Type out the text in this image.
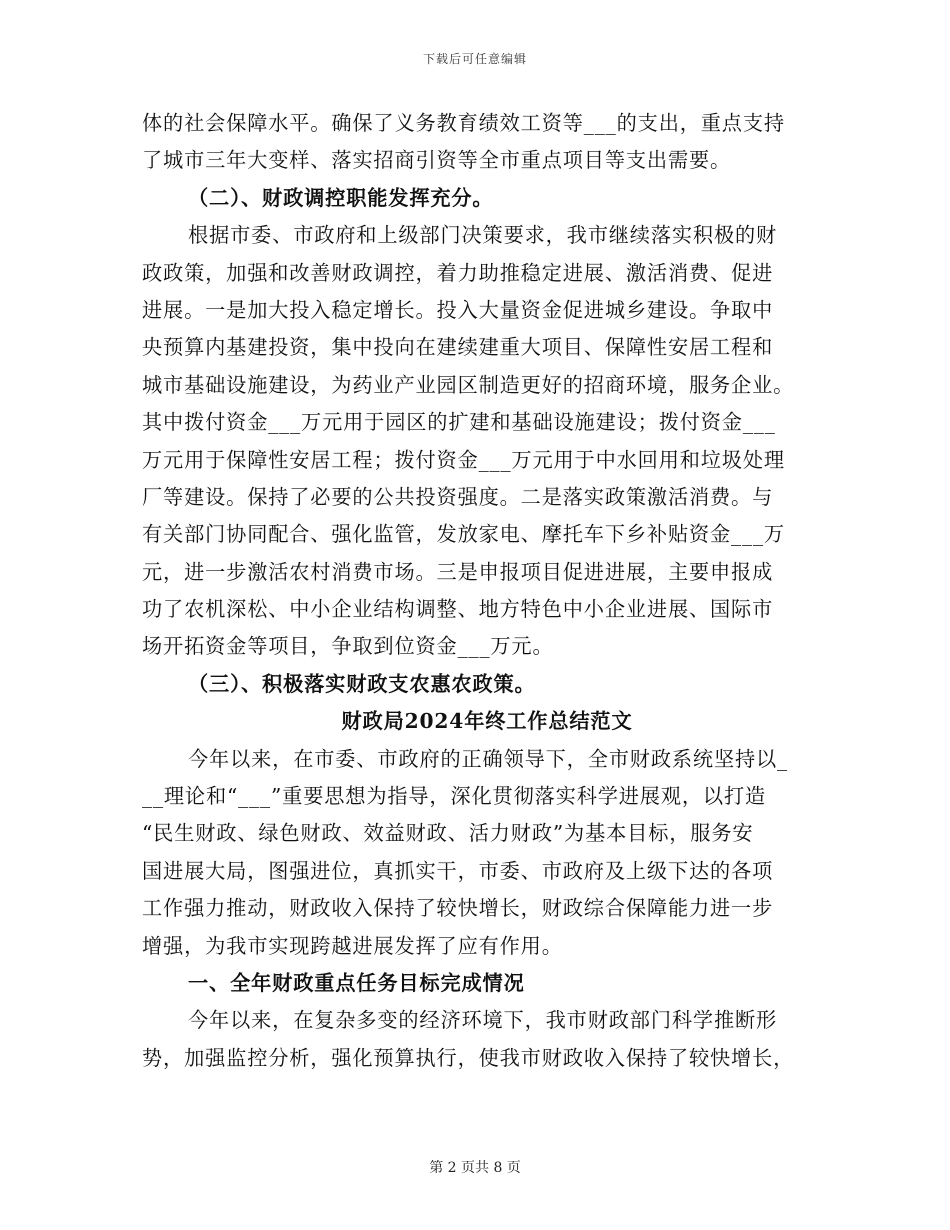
下载后可任意编辑
体的社会保障水平。确保了义务教育绩效工资等___的支出，重点支持
了城市三年大变样、落实招商引资等全市重点项目等支出需要。
（二）、财政调控职能发挥充分。
根据市委、市政府和上级部门决策要求，我市继续落实积极的财
政政策，加强和改善财政调控，着力助推稳定进展、激活消费、促进
进展。一是加大投入稳定增长。投入大量资金促进城乡建设。争取中
央预算内基建投资，集中投向在建续建重大项目、保障性安居工程和
城市基础设施建设，为药业产业园区制造更好的招商环境，服务企业。
其中拨付资金___万元用于园区的扩建和基础设施建设；拨付资金___
万元用于保障性安居工程；拨付资金___万元用于中水回用和垃圾处理
厂等建设。保持了必要的公共投资强度。二是落实政策激活消费。与
有关部门协同配合、强化监管，发放家电、摩托车下乡补贴资金___万
元，进一步激活农村消费市场。三是申报项目促进进展，主要申报成
功了农机深松、中小企业结构调整、地方特色中小企业进展、国际市
场开拓资金等项目，争取到位资金___万元。
（三）、积极落实财政支农惠农政策。
财政局2024年终工作总结范文
今年以来，在市委、市政府的正确领导下，全市财政系统坚持以_
__理论和“___”重要思想为指导，深化贯彻落实科学进展观，以打造
“民生财政、绿色财政、效益财政、活力财政”为基本目标，服务安
国进展大局，图强进位，真抓实干，市委、市政府及上级下达的各项
工作强力推动，财政收入保持了较快增长，财政综合保障能力进一步
增强，为我市实现跨越进展发挥了应有作用。
一、全年财政重点任务目标完成情况
今年以来，在复杂多变的经济环境下，我市财政部门科学推断形
势，加强监控分析，强化预算执行，使我市财政收入保持了较快增长，
第 2 页共 8 页
